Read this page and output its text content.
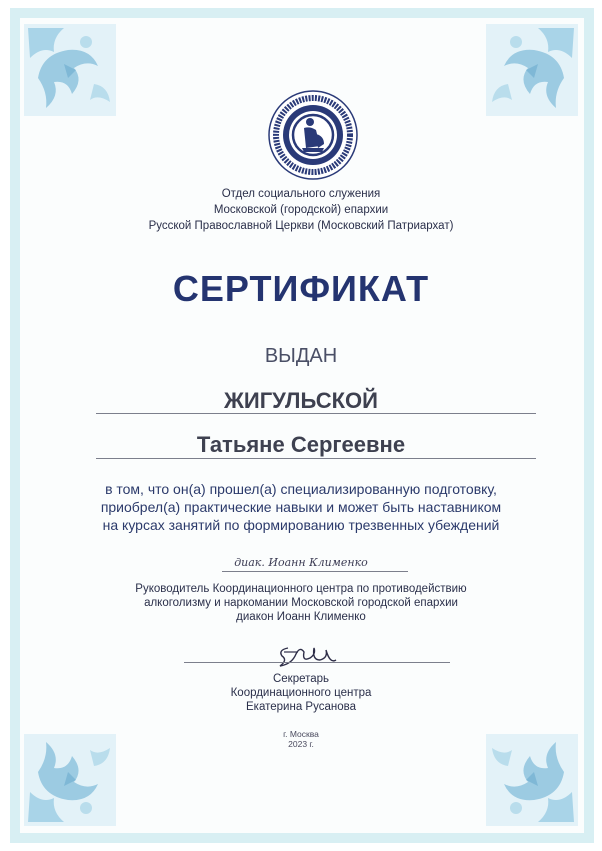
Отдел социального служения
Московской (городской) епархии
Русской Православной Церкви (Московский Патриархат)
СЕРТИФИКАТ
ВЫДАН
ЖИГУЛЬСКОЙ
Татьяне Сергеевне
в том, что он(а) прошел(а) специализированную подготовку,
приобрел(а) практические навыки и может быть наставником
на курсах занятий по формированию трезвенных убеждений
диак. Иоанн Клименко
Руководитель Координационного центра по противодействию
алкоголизму и наркомании Московской городской епархии
диакон Иоанн Клименко
Секретарь
Координационного центра
Екатерина Русанова
г. Москва
2023 г.
